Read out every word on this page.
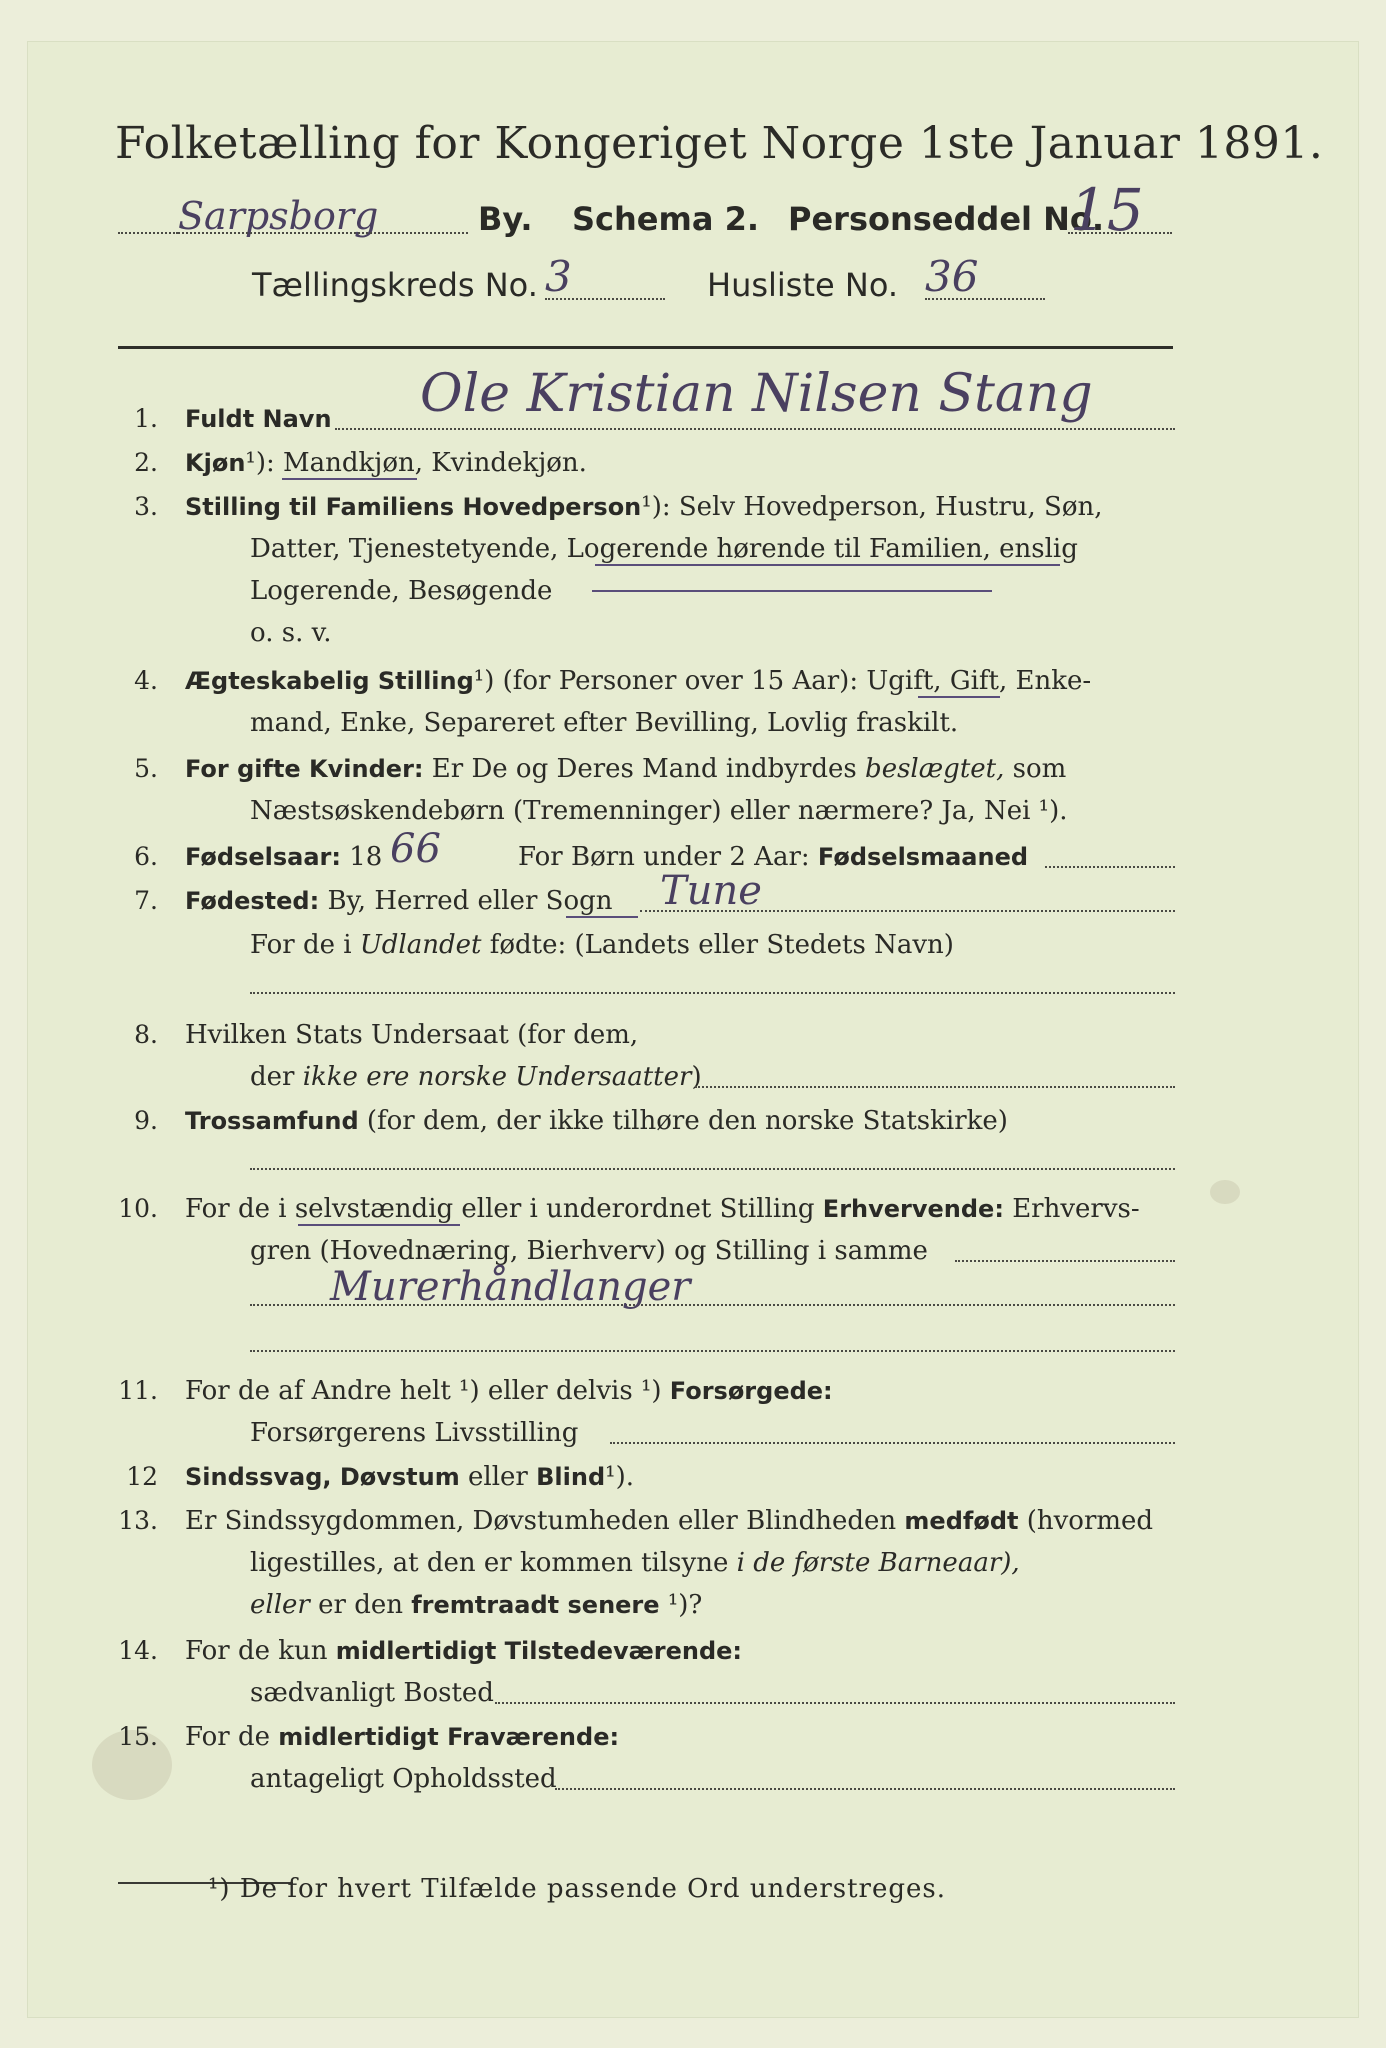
Folketælling for Kongeriget Norge 1ste Januar 1891.
Sarpsborg	By. Schema 2. Personseddel No.
15
Tællingskreds No. 3	Husliste No. 36
1. Fuldt Navn Ole Kristian Nilsen Stang
2. Kjøn¹): Mandkjøn, Kvindekjøn.
3. Stilling til Familiens Hovedperson¹): Selv Hovedperson, Hustru, Søn,
Datter, Tjenestetyende, Logerende hørende til Familien, enslig
Logerende, Besøgende
o. s. v.
4. Ægteskabelig Stilling¹) (for Personer over 15 Aar): Ugift, Gift, Enke-
mand, Enke, Separeret efter Bevilling, Lovlig fraskilt.
5. For gifte Kvinder: Er De og Deres Mand indbyrdes beslægtet, som
Næstsøskendebørn (Tremenninger) eller nærmere? Ja, Nei ¹).
6. Fødselsaar: 18 66	For Børn under 2 Aar: Fødselsmaaned
7. Fødested: By, Herred eller Sogn Tune
For de i Udlandet fødte: (Landets eller Stedets Navn)
8. Hvilken Stats Undersaat (for dem,
der ikke ere norske Undersaatter)
9. Trossamfund (for dem, der ikke tilhøre den norske Statskirke)
10. For de i selvstændig eller i underordnet Stilling Erhvervende: Erhvervs-
gren (Hovednæring, Bierhverv) og Stilling i samme
Murerhåndlanger
11. For de af Andre helt ¹) eller delvis ¹) Forsørgede:
Forsørgerens Livsstilling
12 Sindssvag, Døvstum eller Blind¹).
13. Er Sindssygdommen, Døvstumheden eller Blindheden medfødt (hvormed
ligestilles, at den er kommen tilsyne i de første Barneaar),
eller er den fremtraadt senere ¹)?
14. For de kun midlertidigt Tilstedeværende:
sædvanligt Bosted
15. For de midlertidigt Fraværende:
antageligt Opholdssted
¹) De for hvert Tilfælde passende Ord understreges.
